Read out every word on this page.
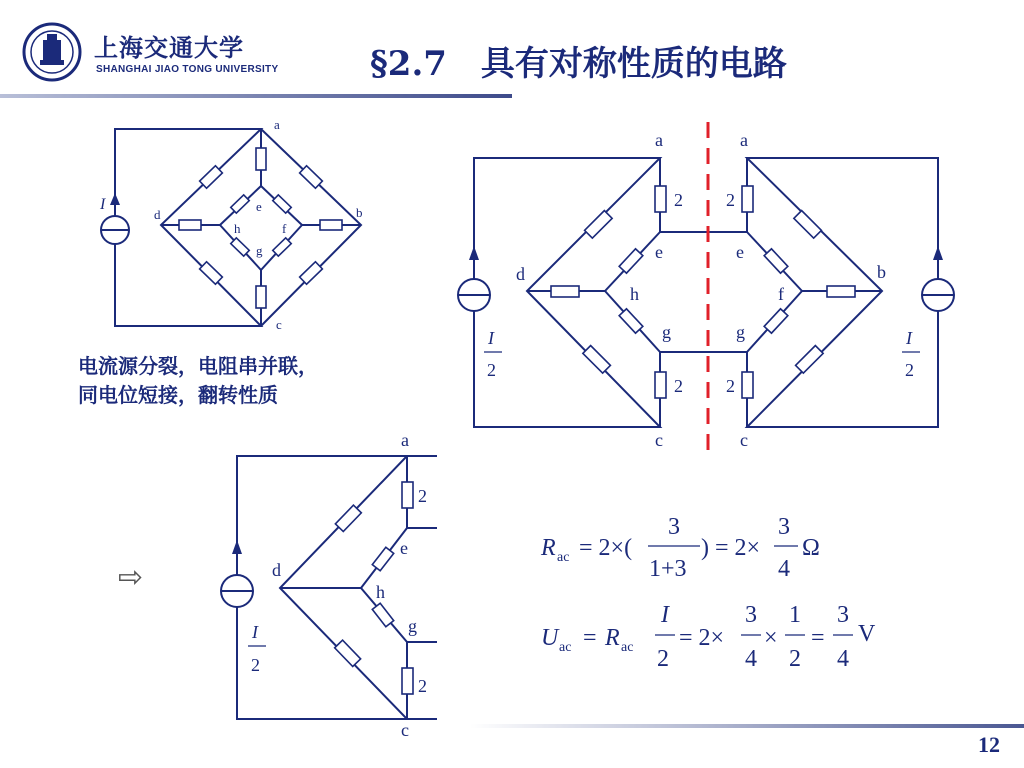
上海交通大学
SHANGHAI JIAO TONG UNIVERSITY	§2.7　具有对称性质的电路
I
a
b
c
d
e
f
g
h
电流源分裂，电阻串并联，
同电位短接，翻转性质
I
2
I
2
2 2
2 2
a	a
b
c	c
d
e	e
f
g	g
h
⇨
I
2
2
2
a
c
d
e
g
h
R ac = 2×(
3
1+3
) = 2×
3
4
Ω
U ac = R ac
I
2
= 2×
3
4
×
1
2
=
3
4
V
12
